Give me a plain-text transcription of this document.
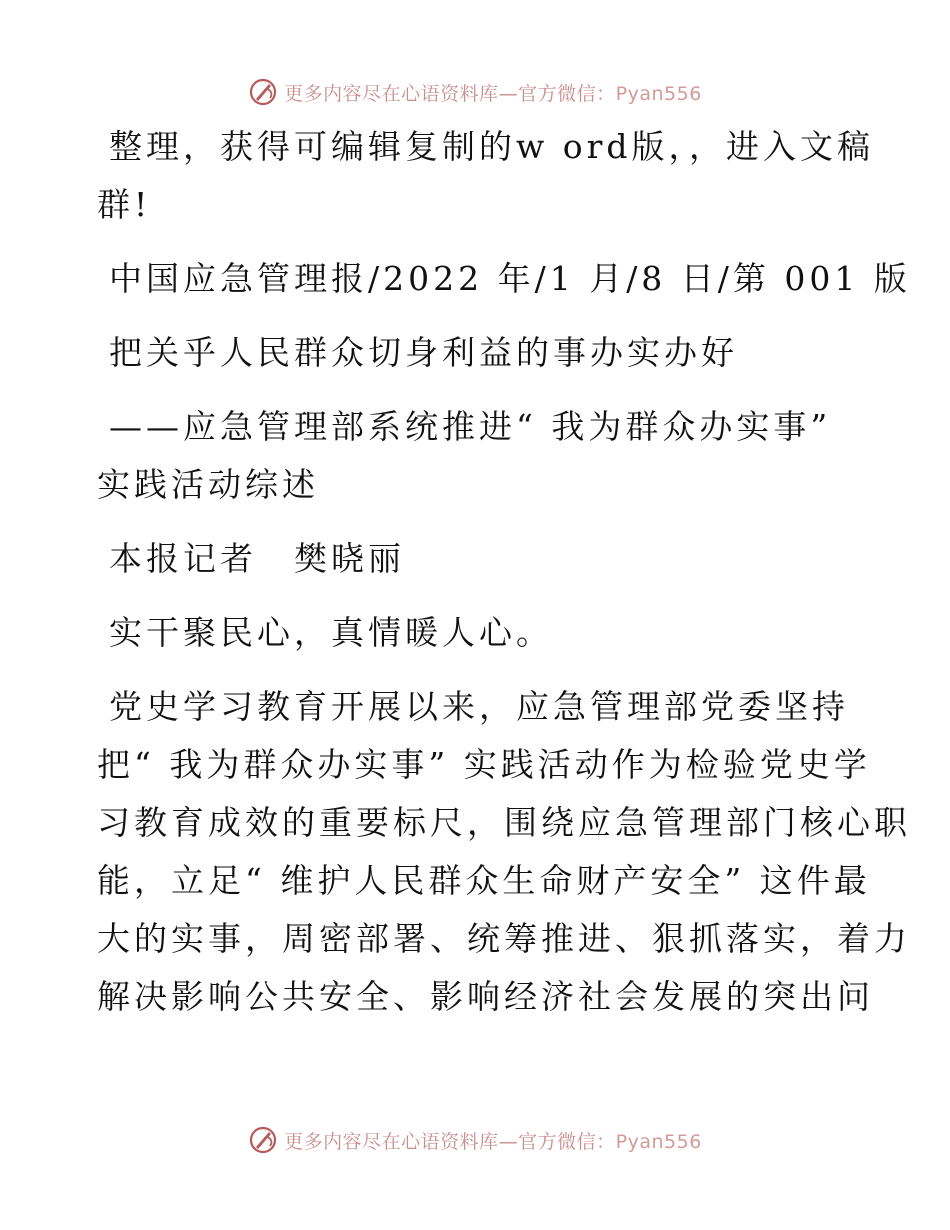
更多内容尽在心语资料库—官方微信：Pyan556

整理，获得可编辑复制的w ord版，，进入文稿

群!

中国应急管理报/2022 年/1 月/8 日/第 001 版

把关乎人民群众切身利益的事办实办好

——应急管理部系统推进“ 我为群众办实事”

实践活动综述

本报记者　樊晓丽

实干聚民心，真情暖人心。

党史学习教育开展以来，应急管理部党委坚持

把“ 我为群众办实事” 实践活动作为检验党史学

习教育成效的重要标尺，围绕应急管理部门核心职

能，立足“ 维护人民群众生命财产安全” 这件最

大的实事，周密部署、统筹推进、狠抓落实，着力

解决影响公共安全、影响经济社会发展的突出问

更多内容尽在心语资料库—官方微信：Pyan556
